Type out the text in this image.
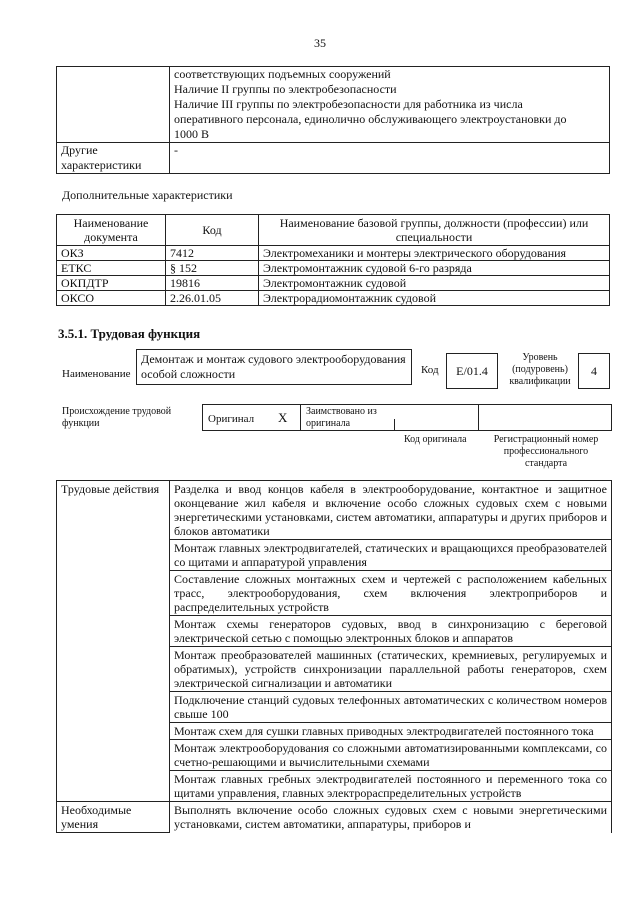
35

	соответствующих подъемных сооружений
Наличие II группы по электробезопасности
Наличие III группы по электробезопасности для работника из числа
оперативного персонала, единолично обслуживающего электроустановки до
1000 В

Другие характеристики	-
Дополнительные характеристики
Наименование документа	Код	Наименование базовой группы, должности (профессии) или специальности
ОКЗ	7412	Электромеханики и монтеры электрического оборудования
ЕТКС	§ 152	Электромонтажник судовой 6-го разряда
ОКПДТР	19816	Электромонтажник судовой
ОКСО	2.26.01.05	Электрорадиомонтажник судовой
3.5.1. Трудовая функция
Наименование
Демонтаж и монтаж судового электрооборудования особой сложности	Код	E/01.4
Уровень (подуровень) квалификации
4
Происхождение трудовой функции	Оригинал X Заимствовано из оригинала
Код оригинала	Регистрационный номер профессионального стандарта
Трудовые действия	Разделка и ввод концов кабеля в электрооборудование, контактное и защитное оконцевание жил кабеля и включение особо сложных судовых схем с новыми энергетическими установками, систем автоматики, аппаратуры и других приборов и блоков автоматики
	Монтаж главных электродвигателей, статических и вращающихся преобразователей со щитами и аппаратурой управления
	Составление сложных монтажных схем и чертежей с расположением кабельных трасс, электрооборудования, схем включения электроприборов и распределительных устройств
	Монтаж схемы генераторов судовых, ввод в синхронизацию с береговой электрической сетью с помощью электронных блоков и аппаратов
	Монтаж преобразователей машинных (статических, кремниевых, регулируемых и обратимых), устройств синхронизации параллельной работы генераторов, схем электрической сигнализации и автоматики
	Подключение станций судовых телефонных автоматических с количеством номеров свыше 100
	Монтаж схем для сушки главных приводных электродвигателей постоянного тока
	Монтаж электрооборудования со сложными автоматизированными комплексами, со счетно-решающими и вычислительными схемами
	Монтаж главных гребных электродвигателей постоянного и переменного тока со щитами управления, главных электрораспределительных устройств
Необходимые умения	Выполнять включение особо сложных судовых схем с новыми энергетическими установками, систем автоматики, аппаратуры, приборов и
